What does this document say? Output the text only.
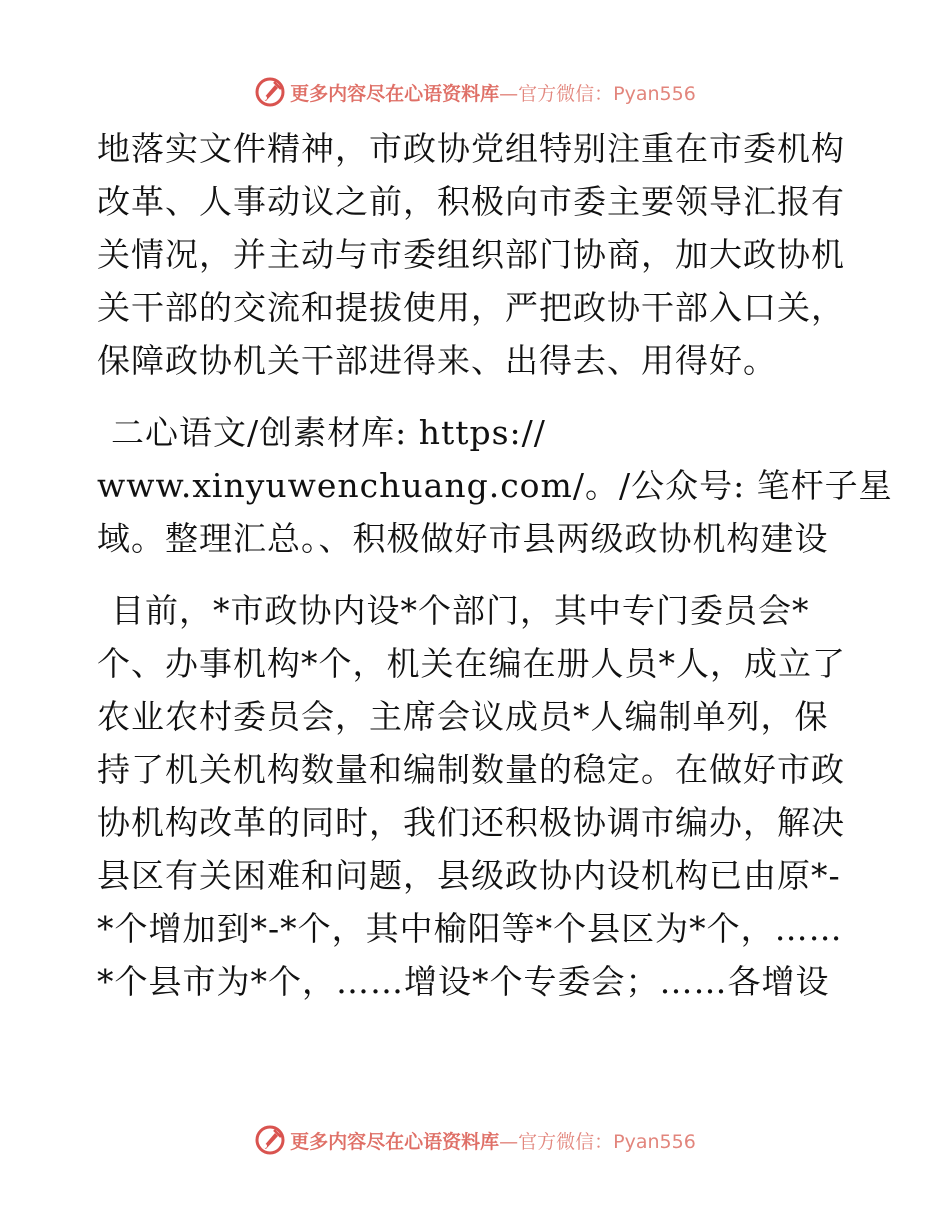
更多内容尽在心语资料库—官方微信：Pyan556
地落实文件精神，市政协党组特别注重在市委机构
改革、人事动议之前，积极向市委主要领导汇报有
关情况，并主动与市委组织部门协商，加大政协机
关干部的交流和提拔使用，严把政协干部入口关，
保障政协机关干部进得来、出得去、用得好。
二心语文/创素材库: https://
www.xinyuwenchuang.com/。/公众号: 笔杆子星
域。整理汇总。、积极做好市县两级政协机构建设
目前，*市政协内设*个部门，其中专门委员会*
个、办事机构*个，机关在编在册人员*人，成立了
农业农村委员会，主席会议成员*人编制单列，保
持了机关机构数量和编制数量的稳定。在做好市政
协机构改革的同时，我们还积极协调市编办，解决
县区有关困难和问题，县级政协内设机构已由原*-
*个增加到*-*个，其中榆阳等*个县区为*个，……
*个县市为*个，……增设*个专委会；……各增设
更多内容尽在心语资料库—官方微信：Pyan556
